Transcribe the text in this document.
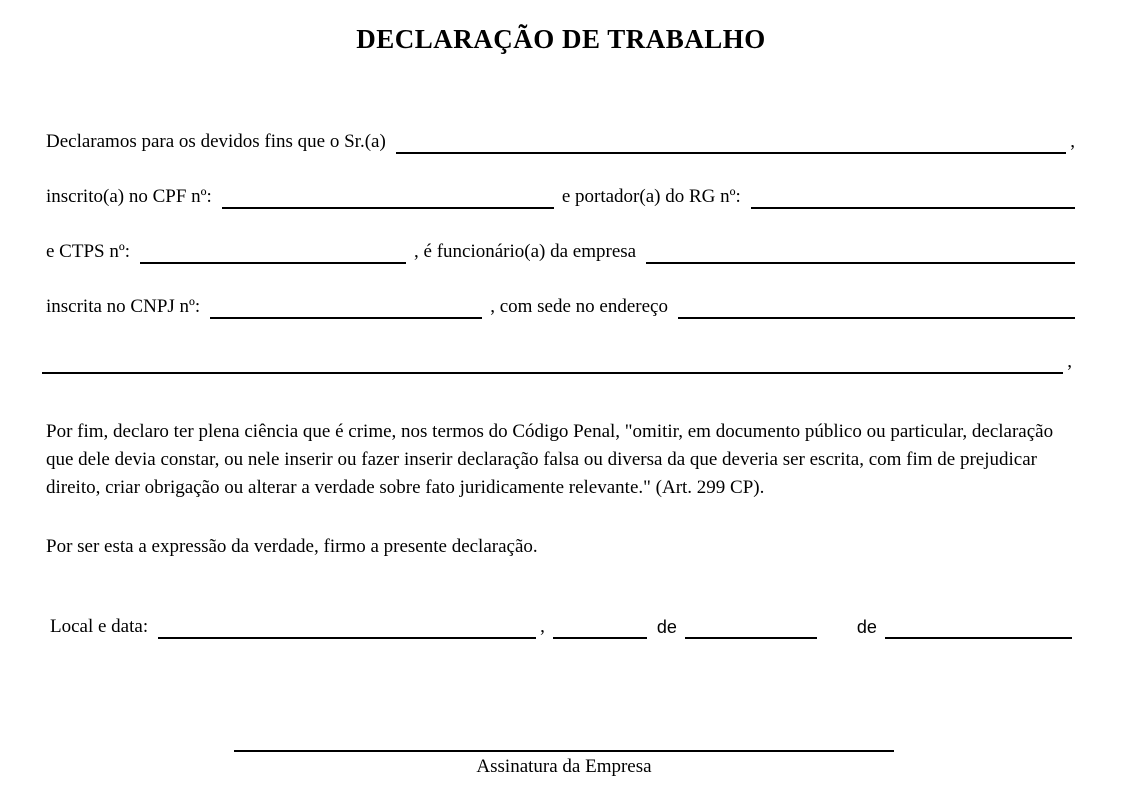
DECLARAÇÃO DE TRABALHO
Declaramos para os devidos fins que o Sr.(a)	,
inscrito(a) no CPF nº:	e portador(a) do RG nº:
e CTPS nº:	, é funcionário(a) da empresa
inscrita no CNPJ nº:	, com sede no endereço
,
Por fim, declaro ter plena ciência que é crime, nos termos do Código Penal, "omitir, em documento público ou particular, declaração que dele devia constar, ou nele inserir ou fazer inserir declaração falsa ou diversa da que deveria ser escrita, com fim de prejudicar direito, criar obrigação ou alterar a verdade sobre fato juridicamente relevante." (Art. 299 CP).
Por ser esta a expressão da verdade, firmo a presente declaração.
Local e data:	,	de	de
Assinatura da Empresa
